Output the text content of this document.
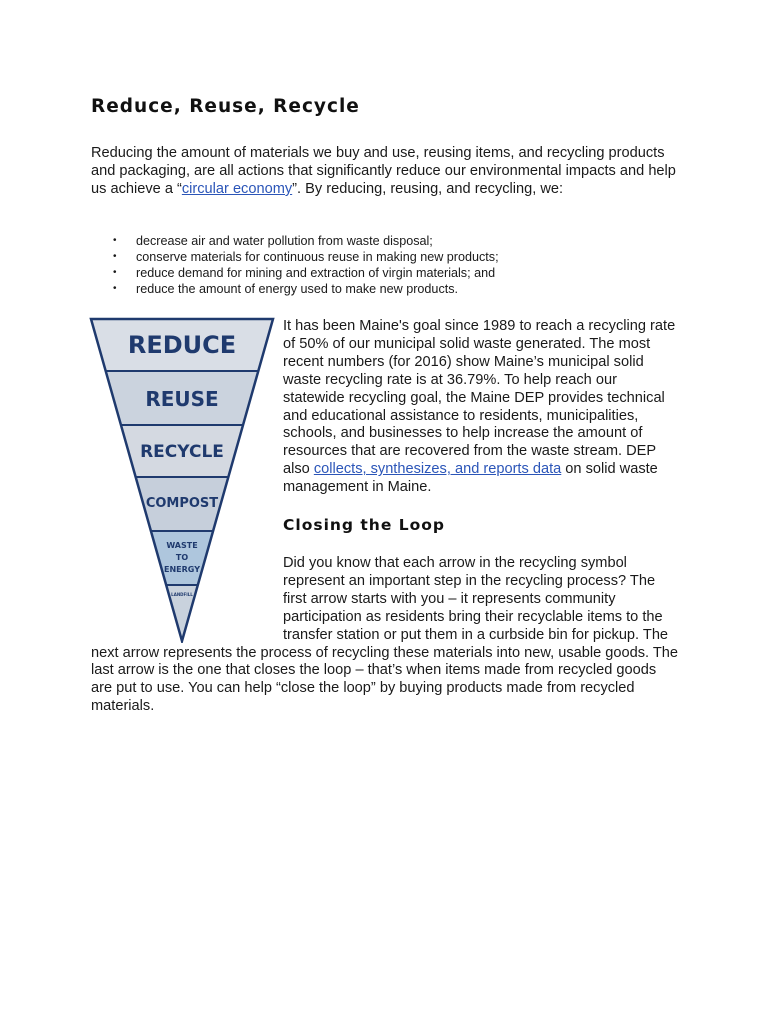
Reduce, Reuse, Recycle

Reducing the amount of materials we buy and use, reusing items, and recycling products and packaging, are all actions that significantly reduce our environmental impacts and help us achieve a “circular economy”. By reducing, reusing, and recycling, we:

• decrease air and water pollution from waste disposal;
• conserve materials for continuous reuse in making new products;
• reduce demand for mining and extraction of virgin materials; and
• reduce the amount of energy used to make new products.
REDUCE
REUSE
RECYCLE
COMPOST
WASTE
TO
ENERGY
LANDFILL

It has been Maine's goal since 1989 to reach a recycling rate of 50% of our municipal solid waste generated. The most recent numbers (for 2016) show Maine’s municipal solid waste recycling rate is at 36.79%. To help reach our statewide recycling goal, the Maine DEP provides technical and educational assistance to residents, municipalities, schools, and businesses to help increase the amount of resources that are recovered from the waste stream. DEP also collects, synthesizes, and reports data on solid waste management in Maine.

Closing the Loop

Did you know that each arrow in the recycling symbol represent an important step in the recycling process? The first arrow starts with you – it represents community participation as residents bring their recyclable items to the transfer station or put them in a curbside bin for pickup. The next arrow represents the process of recycling these materials into new, usable goods. The last arrow is the one that closes the loop – that’s when items made from recycled goods are put to use. You can help “close the loop” by buying products made from recycled materials.
